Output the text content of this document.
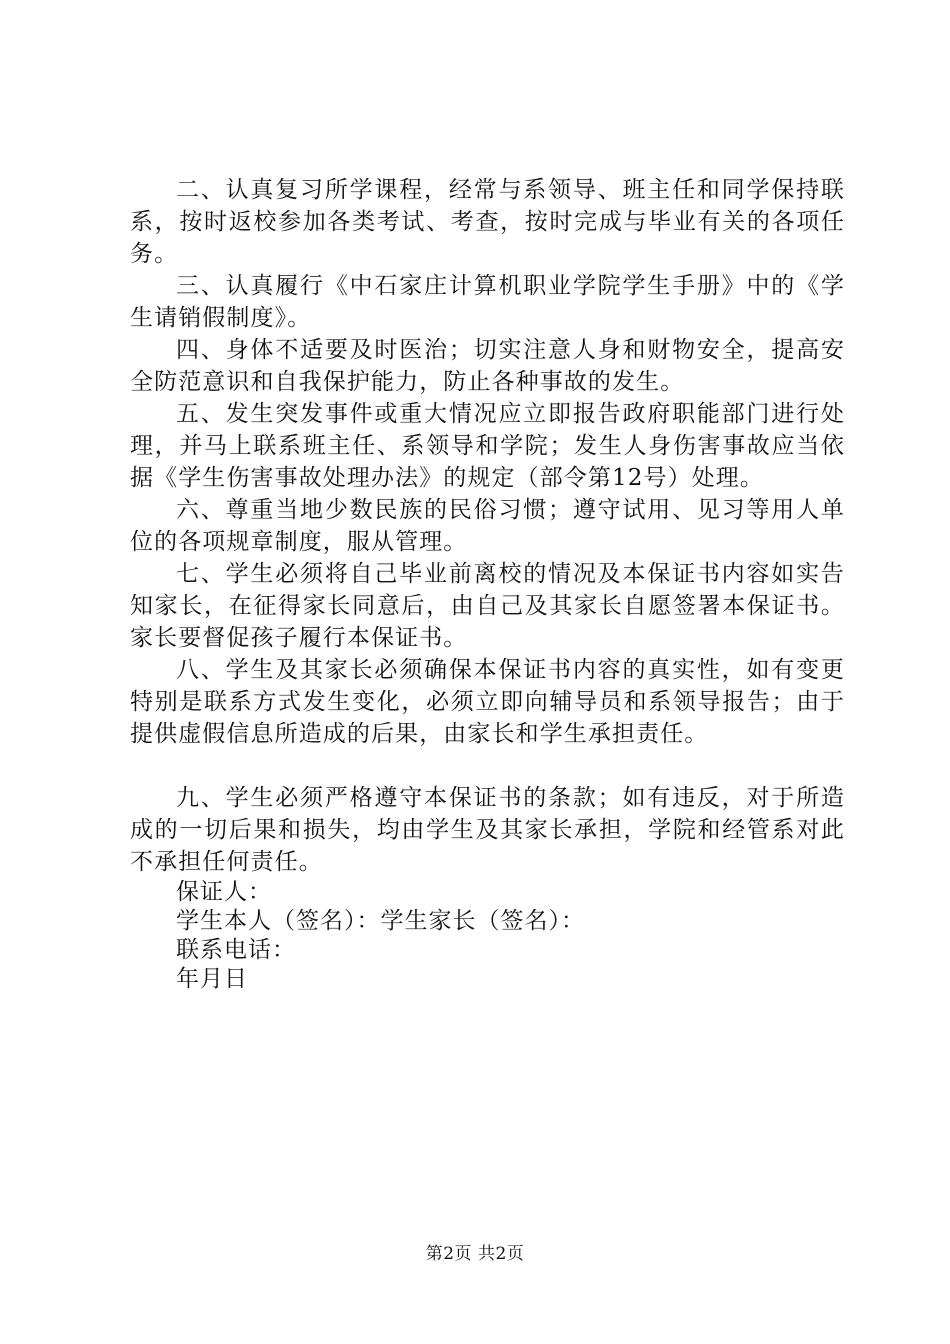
二、认真复习所学课程，经常与系领导、班主任和同学保持联系，按时返校参加各类考试、考查，按时完成与毕业有关的各项任务。

三、认真履行《中石家庄计算机职业学院学生手册》中的《学生请销假制度》。

四、身体不适要及时医治；切实注意人身和财物安全，提高安全防范意识和自我保护能力，防止各种事故的发生。

五、发生突发事件或重大情况应立即报告政府职能部门进行处理，并马上联系班主任、系领导和学院；发生人身伤害事故应当依据《学生伤害事故处理办法》的规定（部令第12号）处理。

六、尊重当地少数民族的民俗习惯；遵守试用、见习等用人单位的各项规章制度，服从管理。

七、学生必须将自己毕业前离校的情况及本保证书内容如实告知家长，在征得家长同意后，由自己及其家长自愿签署本保证书。家长要督促孩子履行本保证书。

八、学生及其家长必须确保本保证书内容的真实性，如有变更特别是联系方式发生变化，必须立即向辅导员和系领导报告；由于提供虚假信息所造成的后果，由家长和学生承担责任。

九、学生必须严格遵守本保证书的条款；如有违反，对于所造成的一切后果和损失，均由学生及其家长承担，学院和经管系对此不承担任何责任。

保证人：

学生本人（签名）：学生家长（签名）：

联系电话：

年月日

第2页 共2页
